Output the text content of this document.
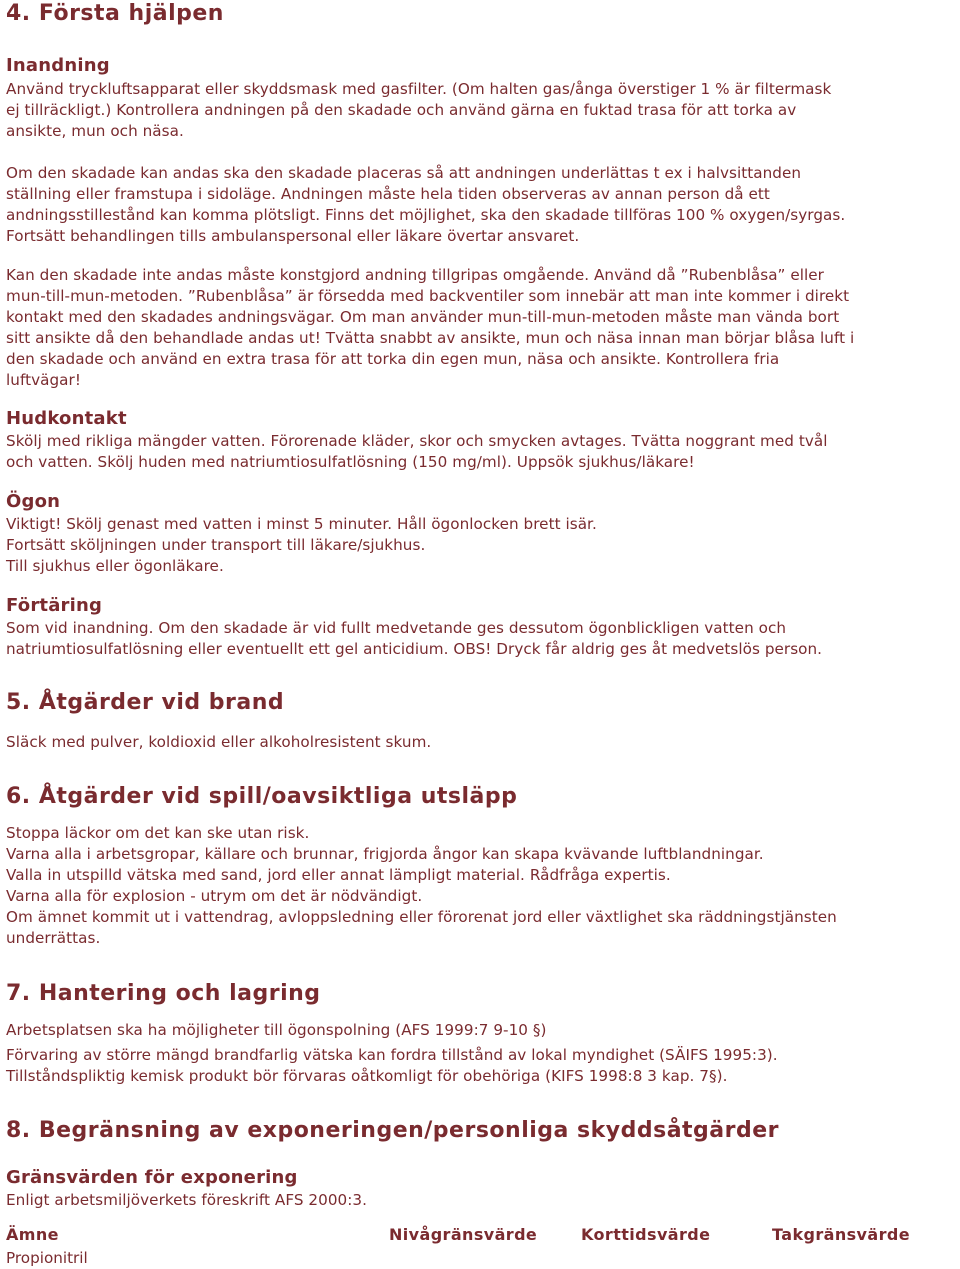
4. Första hjälpen
Inandning
Använd tryckluftsapparat eller skyddsmask med gasfilter. (Om halten gas/ånga överstiger 1 % är filtermask
ej tillräckligt.) Kontrollera andningen på den skadade och använd gärna en fuktad trasa för att torka av
ansikte, mun och näsa.
Om den skadade kan andas ska den skadade placeras så att andningen underlättas t ex i halvsittanden
ställning eller framstupa i sidoläge. Andningen måste hela tiden observeras av annan person då ett
andningsstillestånd kan komma plötsligt. Finns det möjlighet, ska den skadade tillföras 100 % oxygen/syrgas.
Fortsätt behandlingen tills ambulanspersonal eller läkare övertar ansvaret.
Kan den skadade inte andas måste konstgjord andning tillgripas omgående. Använd då ”Rubenblåsa” eller
mun-till-mun-metoden. ”Rubenblåsa” är försedda med backventiler som innebär att man inte kommer i direkt
kontakt med den skadades andningsvägar. Om man använder mun-till-mun-metoden måste man vända bort
sitt ansikte då den behandlade andas ut! Tvätta snabbt av ansikte, mun och näsa innan man börjar blåsa luft i
den skadade och använd en extra trasa för att torka din egen mun, näsa och ansikte. Kontrollera fria
luftvägar!
Hudkontakt
Skölj med rikliga mängder vatten. Förorenade kläder, skor och smycken avtages. Tvätta noggrant med tvål
och vatten. Skölj huden med natriumtiosulfatlösning (150 mg/ml). Uppsök sjukhus/läkare!
Ögon
Viktigt! Skölj genast med vatten i minst 5 minuter. Håll ögonlocken brett isär.
Fortsätt sköljningen under transport till läkare/sjukhus.
Till sjukhus eller ögonläkare.
Förtäring
Som vid inandning. Om den skadade är vid fullt medvetande ges dessutom ögonblickligen vatten och
natriumtiosulfatlösning eller eventuellt ett gel anticidium. OBS! Dryck får aldrig ges åt medvetslös person.
5. Åtgärder vid brand
Släck med pulver, koldioxid eller alkoholresistent skum.
6. Åtgärder vid spill/oavsiktliga utsläpp
Stoppa läckor om det kan ske utan risk.
Varna alla i arbetsgropar, källare och brunnar, frigjorda ångor kan skapa kvävande luftblandningar.
Valla in utspilld vätska med sand, jord eller annat lämpligt material. Rådfråga expertis.
Varna alla för explosion - utrym om det är nödvändigt.
Om ämnet kommit ut i vattendrag, avloppsledning eller förorenat jord eller växtlighet ska räddningstjänsten
underrättas.
7. Hantering och lagring
Arbetsplatsen ska ha möjligheter till ögonspolning (AFS 1999:7 9-10 §)
Förvaring av större mängd brandfarlig vätska kan fordra tillstånd av lokal myndighet (SÄIFS 1995:3).
Tillståndspliktig kemisk produkt bör förvaras oåtkomligt för obehöriga (KIFS 1998:8 3 kap. 7§).
8. Begränsning av exponeringen/personliga skyddsåtgärder
Gränsvärden för exponering
Enligt arbetsmiljöverkets föreskrift AFS 2000:3.
Ämne	Nivågränsvärde	Korttidsvärde	Takgränsvärde
Propionitril
